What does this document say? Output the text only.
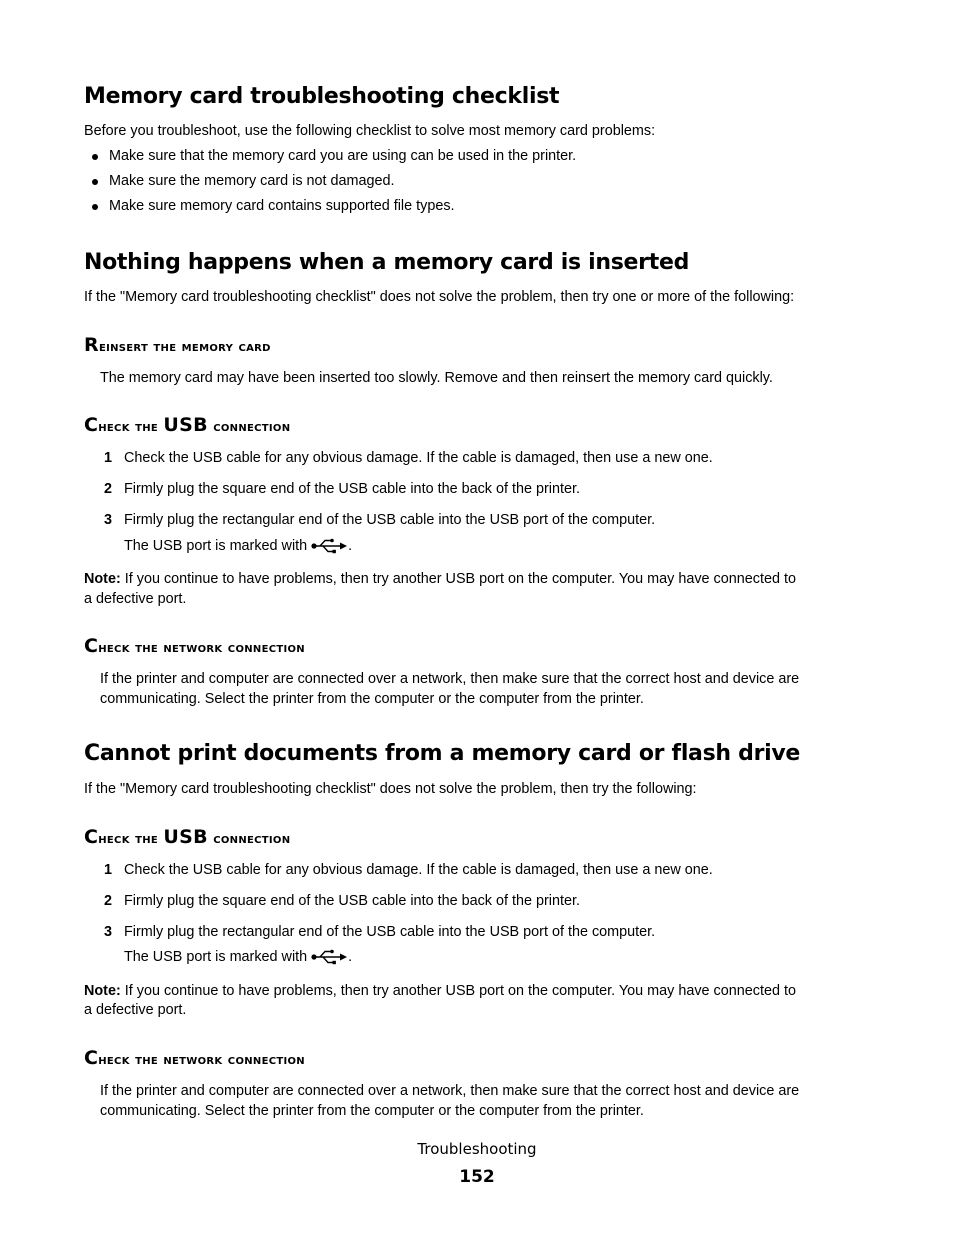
Memory card troubleshooting checklist

Before you troubleshoot, use the following checklist to solve most memory card problems:

Make sure that the memory card you are using can be used in the printer.
Make sure the memory card is not damaged.
Make sure memory card contains supported file types.
Nothing happens when a memory card is inserted

If the "Memory card troubleshooting checklist" does not solve the problem, then try one or more of the following:

Reinsert the memory card

The memory card may have been inserted too slowly. Remove and then reinsert the memory card quickly.

Check the USB connection
1 Check the USB cable for any obvious damage. If the cable is damaged, then use a new one.
2 Firmly plug the square end of the USB cable into the back of the printer.
3 Firmly plug the rectangular end of the USB cable into the USB port of the computer.
The USB port is marked with	.

Note: If you continue to have problems, then try another USB port on the computer. You may have connected to

a defective port.

Check the network connection

If the printer and computer are connected over a network, then make sure that the correct host and device are

communicating. Select the printer from the computer or the computer from the printer.

Cannot print documents from a memory card or flash drive

If the "Memory card troubleshooting checklist" does not solve the problem, then try the following:

Check the USB connection
1 Check the USB cable for any obvious damage. If the cable is damaged, then use a new one.
2 Firmly plug the square end of the USB cable into the back of the printer.
3 Firmly plug the rectangular end of the USB cable into the USB port of the computer.
The USB port is marked with	.

Note: If you continue to have problems, then try another USB port on the computer. You may have connected to

a defective port.

Check the network connection

If the printer and computer are connected over a network, then make sure that the correct host and device are

communicating. Select the printer from the computer or the computer from the printer.

Troubleshooting
152
